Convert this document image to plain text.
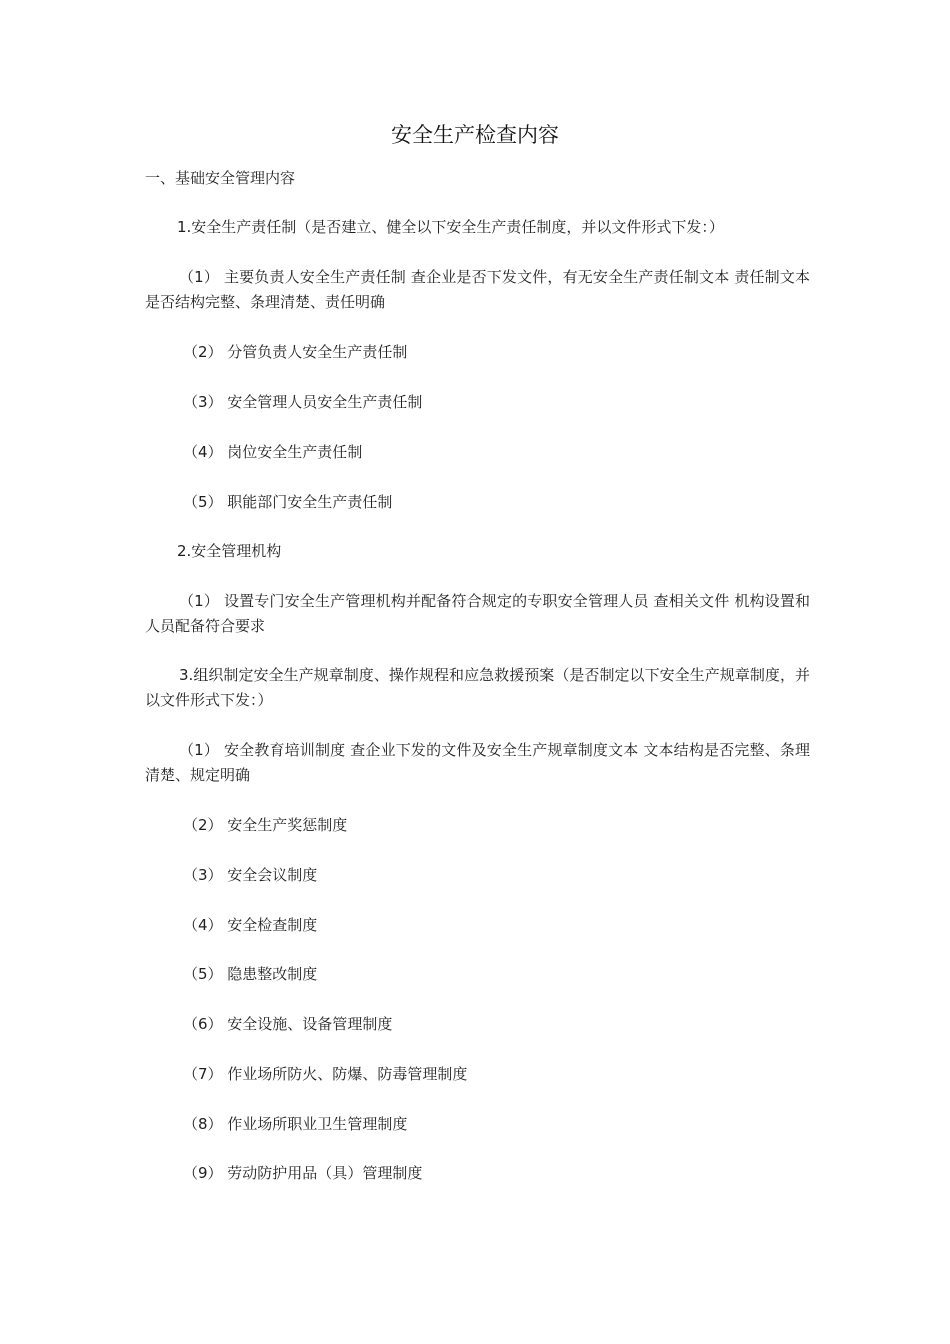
安全生产检查内容
一、基础安全管理内容
1.安全生产责任制（是否建立、健全以下安全生产责任制度，并以文件形式下发：）
（1） 主要负责人安全生产责任制 查企业是否下发文件，有无安全生产责任制文本 责任制文本是否结构完整、条理清楚、责任明确
（2） 分管负责人安全生产责任制
（3） 安全管理人员安全生产责任制
（4） 岗位安全生产责任制
（5） 职能部门安全生产责任制
2.安全管理机构
（1） 设置专门安全生产管理机构并配备符合规定的专职安全管理人员 查相关文件 机构设置和人员配备符合要求
3.组织制定安全生产规章制度、操作规程和应急救援预案（是否制定以下安全生产规章制度，并以文件形式下发：）
（1） 安全教育培训制度 查企业下发的文件及安全生产规章制度文本 文本结构是否完整、条理清楚、规定明确
（2） 安全生产奖惩制度
（3） 安全会议制度
（4） 安全检查制度
（5） 隐患整改制度
（6） 安全设施、设备管理制度
（7） 作业场所防火、防爆、防毒管理制度
（8） 作业场所职业卫生管理制度
（9） 劳动防护用品（具）管理制度
